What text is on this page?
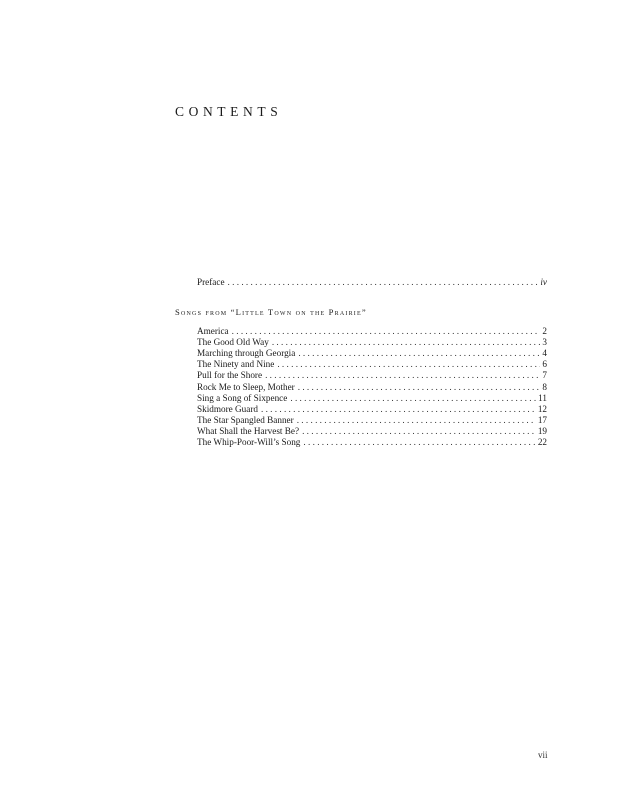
CONTENTS
Preface . . .	iv
Songs from “Little Town on the Prairie”
America . . .	2
The Good Old Way . . .	3
Marching through Georgia . . .	4
The Ninety and Nine . . .	6
Pull for the Shore . . .	7
Rock Me to Sleep, Mother . . .	8
Sing a Song of Sixpence . . .	11
Skidmore Guard . . .	12
The Star Spangled Banner . . .	17
What Shall the Harvest Be? . . .	19
The Whip-Poor-Will’s Song . . .	22
vii
